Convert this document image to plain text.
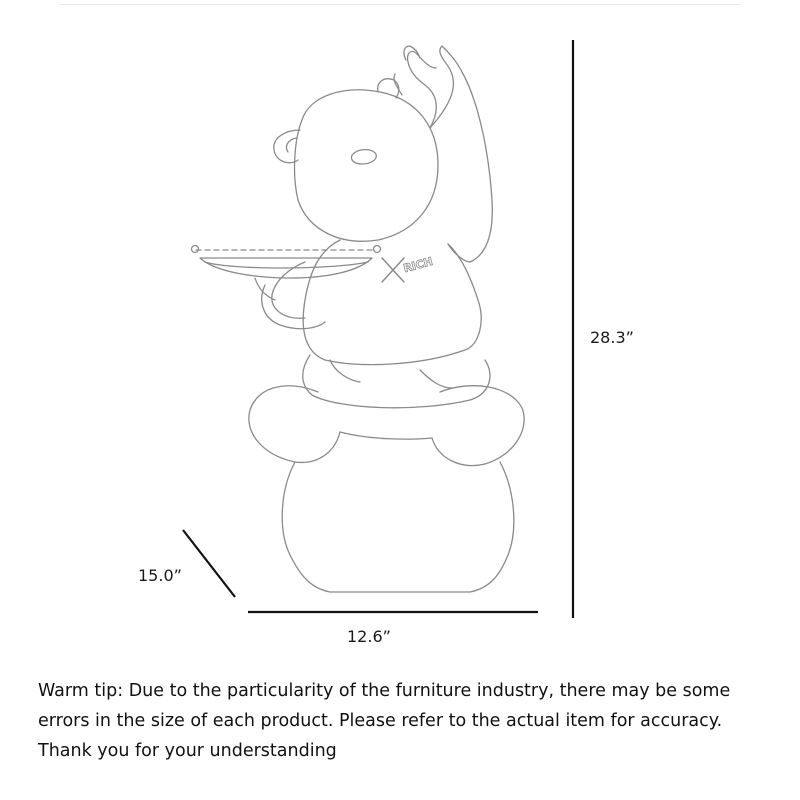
RICH
28.3”
15.0”
12.6”
Warm tip: Due to the particularity of the furniture industry, there may be some
errors in the size of each product. Please refer to the actual item for accuracy.
Thank you for your understanding
